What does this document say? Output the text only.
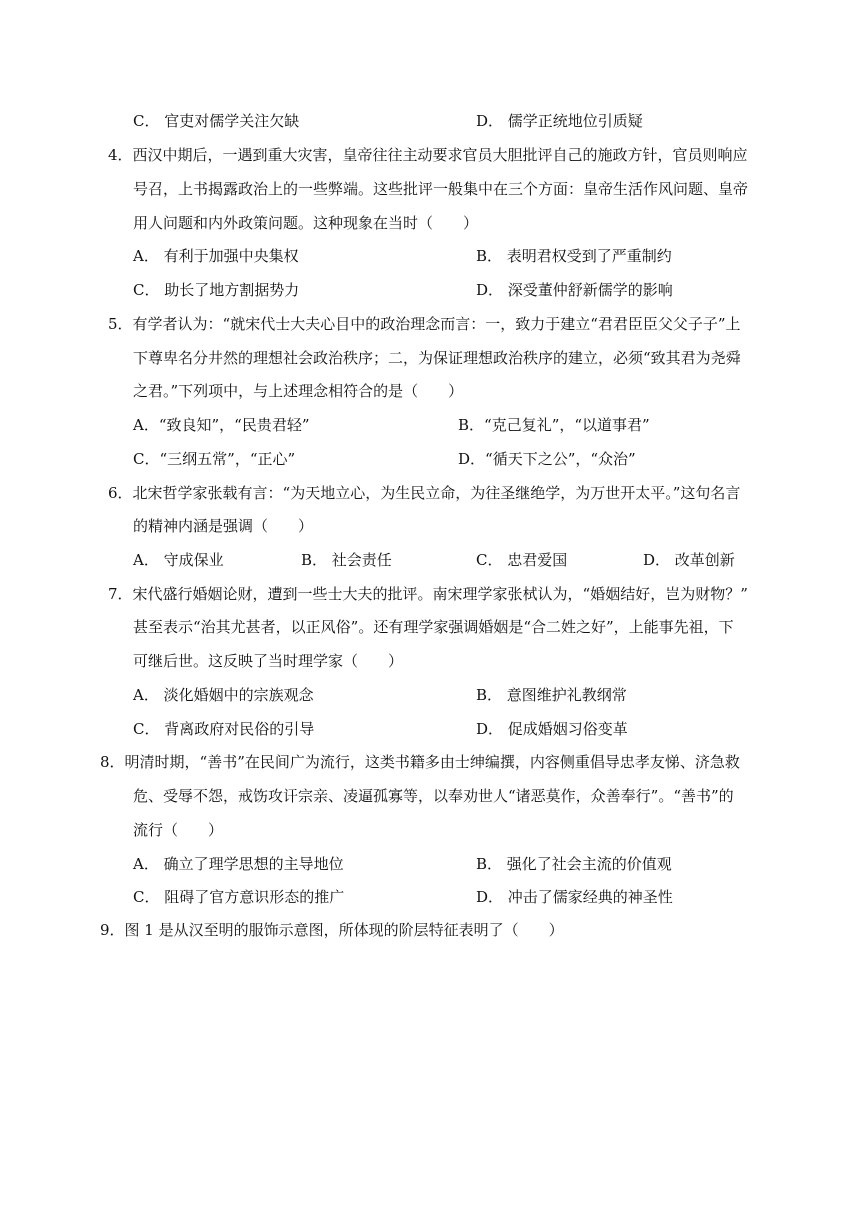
C． 官吏对儒学关注欠缺	D． 儒学正统地位引质疑
4．西汉中期后，一遇到重大灾害，皇帝往往主动要求官员大胆批评自己的施政方针，官员则响应
号召，上书揭露政治上的一些弊端。这些批评一般集中在三个方面：皇帝生活作风问题、皇帝
用人问题和内外政策问题。这种现象在当时（　　）
A． 有利于加强中央集权	B． 表明君权受到了严重制约
C． 助长了地方割据势力	D． 深受董仲舒新儒学的影响
5．有学者认为：“就宋代士大夫心目中的政治理念而言：一，致力于建立“君君臣臣父父子子”上
下尊卑名分井然的理想社会政治秩序；二，为保证理想政治秩序的建立，必须“致其君为尧舜
之君。”下列项中，与上述理念相符合的是（　　）
A．“致良知”，“民贵君轻”	B．“克己复礼”，“以道事君”
C．“三纲五常”，“正心”	D．“循天下之公”，“众治”
6．北宋哲学家张载有言：“为天地立心，为生民立命，为往圣继绝学，为万世开太平。”这句名言
的精神内涵是强调（　　）
A． 守成保业	B． 社会责任	C． 忠君爱国	D． 改革创新
7．宋代盛行婚姻论财，遭到一些士大夫的批评。南宋理学家张栻认为，“婚姻结好，岂为财物？”
甚至表示“治其尤甚者，以正风俗”。还有理学家强调婚姻是“合二姓之好”，上能事先祖，下
可继后世。这反映了当时理学家（　　）
A． 淡化婚姻中的宗族观念	B． 意图维护礼教纲常
C． 背离政府对民俗的引导	D． 促成婚姻习俗变革
8．明清时期，“善书”在民间广为流行，这类书籍多由士绅编撰，内容侧重倡导忠孝友悌、济急救
危、受辱不怨，戒饬攻讦宗亲、凌逼孤寡等，以奉劝世人“诸恶莫作，众善奉行”。“善书”的
流行（　　）
A． 确立了理学思想的主导地位	B． 强化了社会主流的价值观
C． 阻碍了官方意识形态的推广	D． 冲击了儒家经典的神圣性
9．图 1 是从汉至明的服饰示意图，所体现的阶层特征表明了（　　）
